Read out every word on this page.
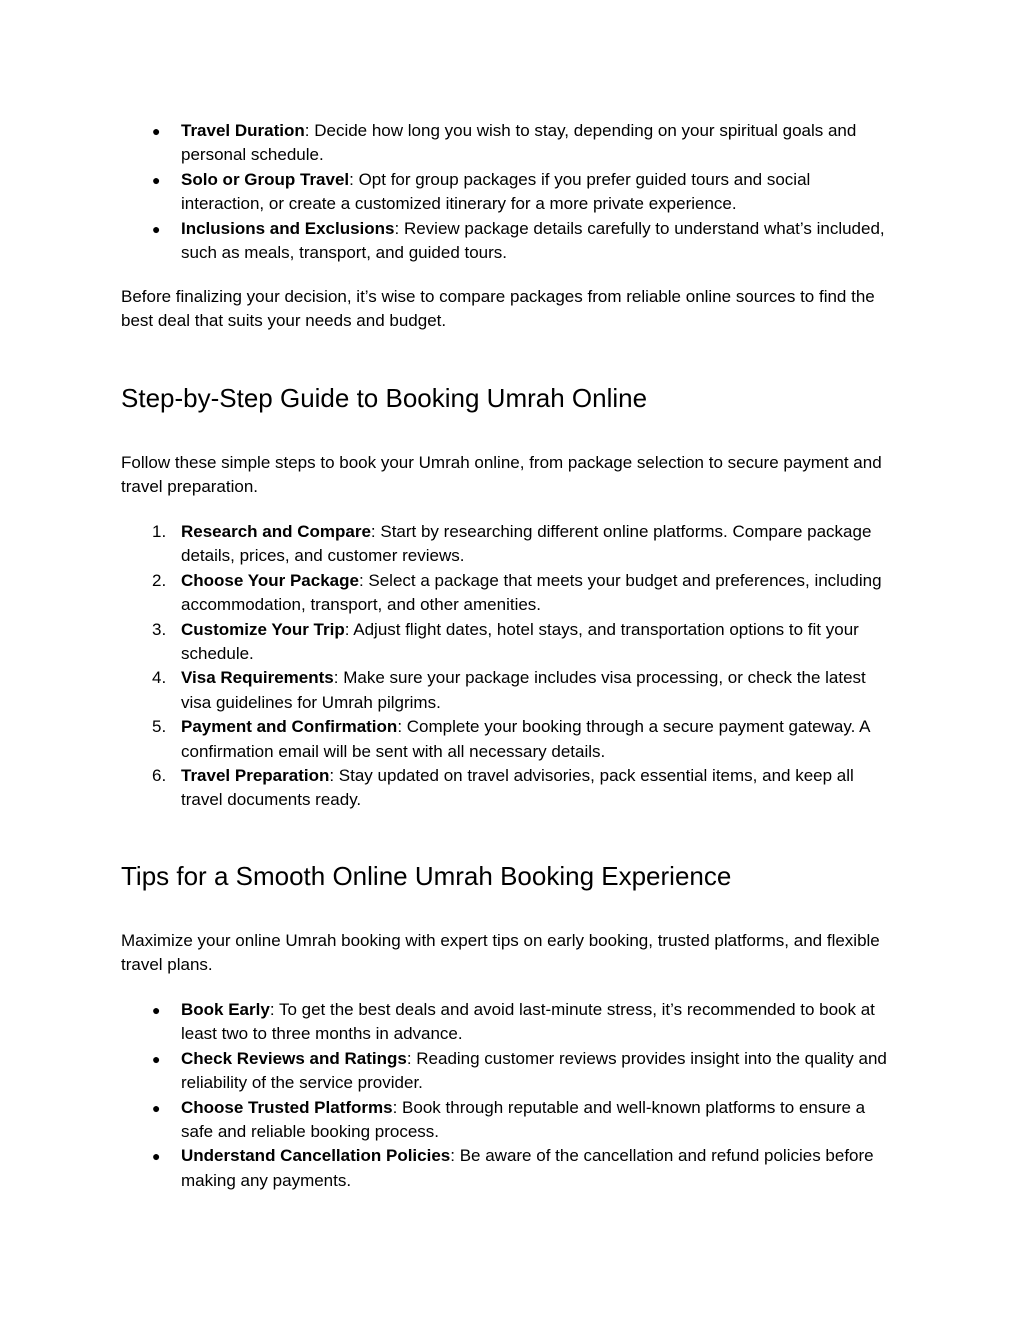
●	Travel Duration: Decide how long you wish to stay, depending on your spiritual goals and personal schedule.
●	Solo or Group Travel: Opt for group packages if you prefer guided tours and social interaction, or create a customized itinerary for a more private experience.
●	Inclusions and Exclusions: Review package details carefully to understand what’s included, such as meals, transport, and guided tours.

Before finalizing your decision, it’s wise to compare packages from reliable online sources to find the best deal that suits your needs and budget.

Step-by-Step Guide to Booking Umrah Online

Follow these simple steps to book your Umrah online, from package selection to secure payment and travel preparation.

1. Research and Compare: Start by researching different online platforms. Compare package details, prices, and customer reviews.
2. Choose Your Package: Select a package that meets your budget and preferences, including accommodation, transport, and other amenities.
3. Customize Your Trip: Adjust flight dates, hotel stays, and transportation options to fit your schedule.
4. Visa Requirements: Make sure your package includes visa processing, or check the latest visa guidelines for Umrah pilgrims.
5. Payment and Confirmation: Complete your booking through a secure payment gateway. A confirmation email will be sent with all necessary details.
6. Travel Preparation: Stay updated on travel advisories, pack essential items, and keep all travel documents ready.
Tips for a Smooth Online Umrah Booking Experience

Maximize your online Umrah booking with expert tips on early booking, trusted platforms, and flexible travel plans.

●	Book Early: To get the best deals and avoid last-minute stress, it’s recommended to book at least two to three months in advance.
●	Check Reviews and Ratings: Reading customer reviews provides insight into the quality and reliability of the service provider.
●	Choose Trusted Platforms: Book through reputable and well-known platforms to ensure a safe and reliable booking process.
●	Understand Cancellation Policies: Be aware of the cancellation and refund policies before making any payments.
